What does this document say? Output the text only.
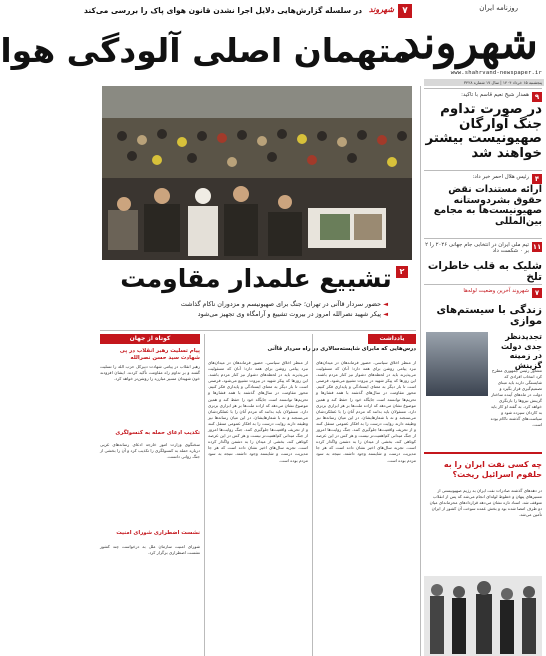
روزنامه ایران
شهروند
www.shahrvand-newspaper.ir
پنجشنبه ۱۵ خرداد ۱۴۰۴ | سال ۱۷ شماره ۳۴۲۸
۷
شهروند
در سلسله گزارش‌هایی دلایل اجرا نشدن قانون هوای پاک را بررسی می‌کند
متهمان اصلی آلودگی هوا
۲
تشییع علمدار مقاومت
◄ حضور سردار قاآنی در تهران؛ جنگ برای صهیونیسم و مزدوران ناکام گذاشت
◄ پیکر شهید نصرالله امروز در بیروت تشییع و آرامگاه وی تجهیز می‌شود
۹
همدار شیخ نعیم قاسم با تاکید:
در صورت تداوم جنگ آوارگان صهیونیست بیشتر خواهند شد
۴
رئیس هلال احمر خبر داد:
ارائه مستندات نقض حقوق بشردوستانه صهیونیست‌ها به مجامع بین‌المللی
۱۱
تیم ملی ایران در انتخابی جام جهانی ۲۰۲۶ را ۲ بر ۰ شکست داد
شلیک به قلب خاطرات تلخ
۷
شهروند آخرین وضعیت لوله‌ها
زندگی با سیستم‌های موازی
تجدیدنظر جدی دولت در زمینه گزینش
مشاور رئیس جمهوری مطرح کرد انتخاب افرادی که شایستگی دارند باید مبنای تصمیم‌گیری قرار بگیرد و دولت در ماه‌های آینده ساختار گزینش نیروها را بازنگری خواهد کرد. به گفته او کار باید به کاردان سپرده شود و سیاست‌های گذشته ناکام بوده است.
چه کسی نفت ایران را به حلقوم اسرائیل ریخت؟
در دهه‌های گذشته صادرات نفت ایران به رژیم صهیونیستی از مسیرهای پنهان و خطوط لوله‌ای انجام می‌شد که پس از انقلاب متوقف شد. اسناد تازه نشان می‌دهد قراردادهای محرمانه‌ای میان دو طرف امضا شده بود و بخش عمده سوخت آن کشور از ایران تأمین می‌شد.
یادداشت
درس‌هایی که مابرای شایسته‌سالاری در راه سردار قاآنی
از منظر اخلاق سیاسی، حضور فرماندهان در میدان‌های نبرد پیامی روشن برای همه دارد؛ آنان که مسئولیت می‌پذیرند باید در لحظه‌های دشوار نیز کنار مردم باشند. این روزها که پیکر شهید در بیروت تشییع می‌شود، فرصتی است تا بار دیگر به معنای ایستادگی و پایداری فکر کنیم. محور مقاومت در سال‌های گذشته با همه فشارها و تحریم‌ها توانسته است جایگاه خود را حفظ کند و همین موضوع نشان می‌دهد که اراده ملت‌ها بر هر ابزاری برتری دارد. مسئولان باید بدانند که مردم آنان را با عملکردشان می‌سنجند و نه با شعارهایشان. در این میان رسانه‌ها نیز وظیفه دارند روایت درست را به افکار عمومی منتقل کنند و از تحریف واقعیت‌ها جلوگیری کنند. جنگ روایت‌ها امروز از جنگ میدانی کم‌اهمیت‌تر نیست و هر کس در این عرصه کوتاهی کند، بخشی از میدان را به دشمن واگذار کرده است. تجربه سال‌های اخیر نشان داده است که هر جا مدیریت درست و شایسته وجود داشته، نتیجه به سود مردم بوده است.
از منظر اخلاق سیاسی، حضور فرماندهان در میدان‌های نبرد پیامی روشن برای همه دارد؛ آنان که مسئولیت می‌پذیرند باید در لحظه‌های دشوار نیز کنار مردم باشند. این روزها که پیکر شهید در بیروت تشییع می‌شود، فرصتی است تا بار دیگر به معنای ایستادگی و پایداری فکر کنیم. محور مقاومت در سال‌های گذشته با همه فشارها و تحریم‌ها توانسته است جایگاه خود را حفظ کند و همین موضوع نشان می‌دهد که اراده ملت‌ها بر هر ابزاری برتری دارد. مسئولان باید بدانند که مردم آنان را با عملکردشان می‌سنجند و نه با شعارهایشان. در این میان رسانه‌ها نیز وظیفه دارند روایت درست را به افکار عمومی منتقل کنند و از تحریف واقعیت‌ها جلوگیری کنند. جنگ روایت‌ها امروز از جنگ میدانی کم‌اهمیت‌تر نیست و هر کس در این عرصه کوتاهی کند، بخشی از میدان را به دشمن واگذار کرده است. تجربه سال‌های اخیر نشان داده است که هر جا مدیریت درست و شایسته وجود داشته، نتیجه به سود مردم بوده است.
کوتاه از جهان
پیام تسلیت رهبر انقلاب در پی شهادت سید حسن نصرالله
رهبر انقلاب در پیامی شهادت دبیرکل حزب الله را تسلیت گفتند و بر تداوم راه مقاومت تأکید کردند. ایشان افزودند خون شهیدان مسیر مبارزه را روشن‌تر خواهد کرد.
تکذیب ادعای حمله به کنسولگری
سخنگوی وزارت امور خارجه ادعای رسانه‌های غربی درباره حمله به کنسولگری را تکذیب کرد و آن را بخشی از جنگ روانی دانست.
نشست اضطراری شورای امنیت
شورای امنیت سازمان ملل به درخواست چند کشور نشست اضطراری برگزار کرد.
